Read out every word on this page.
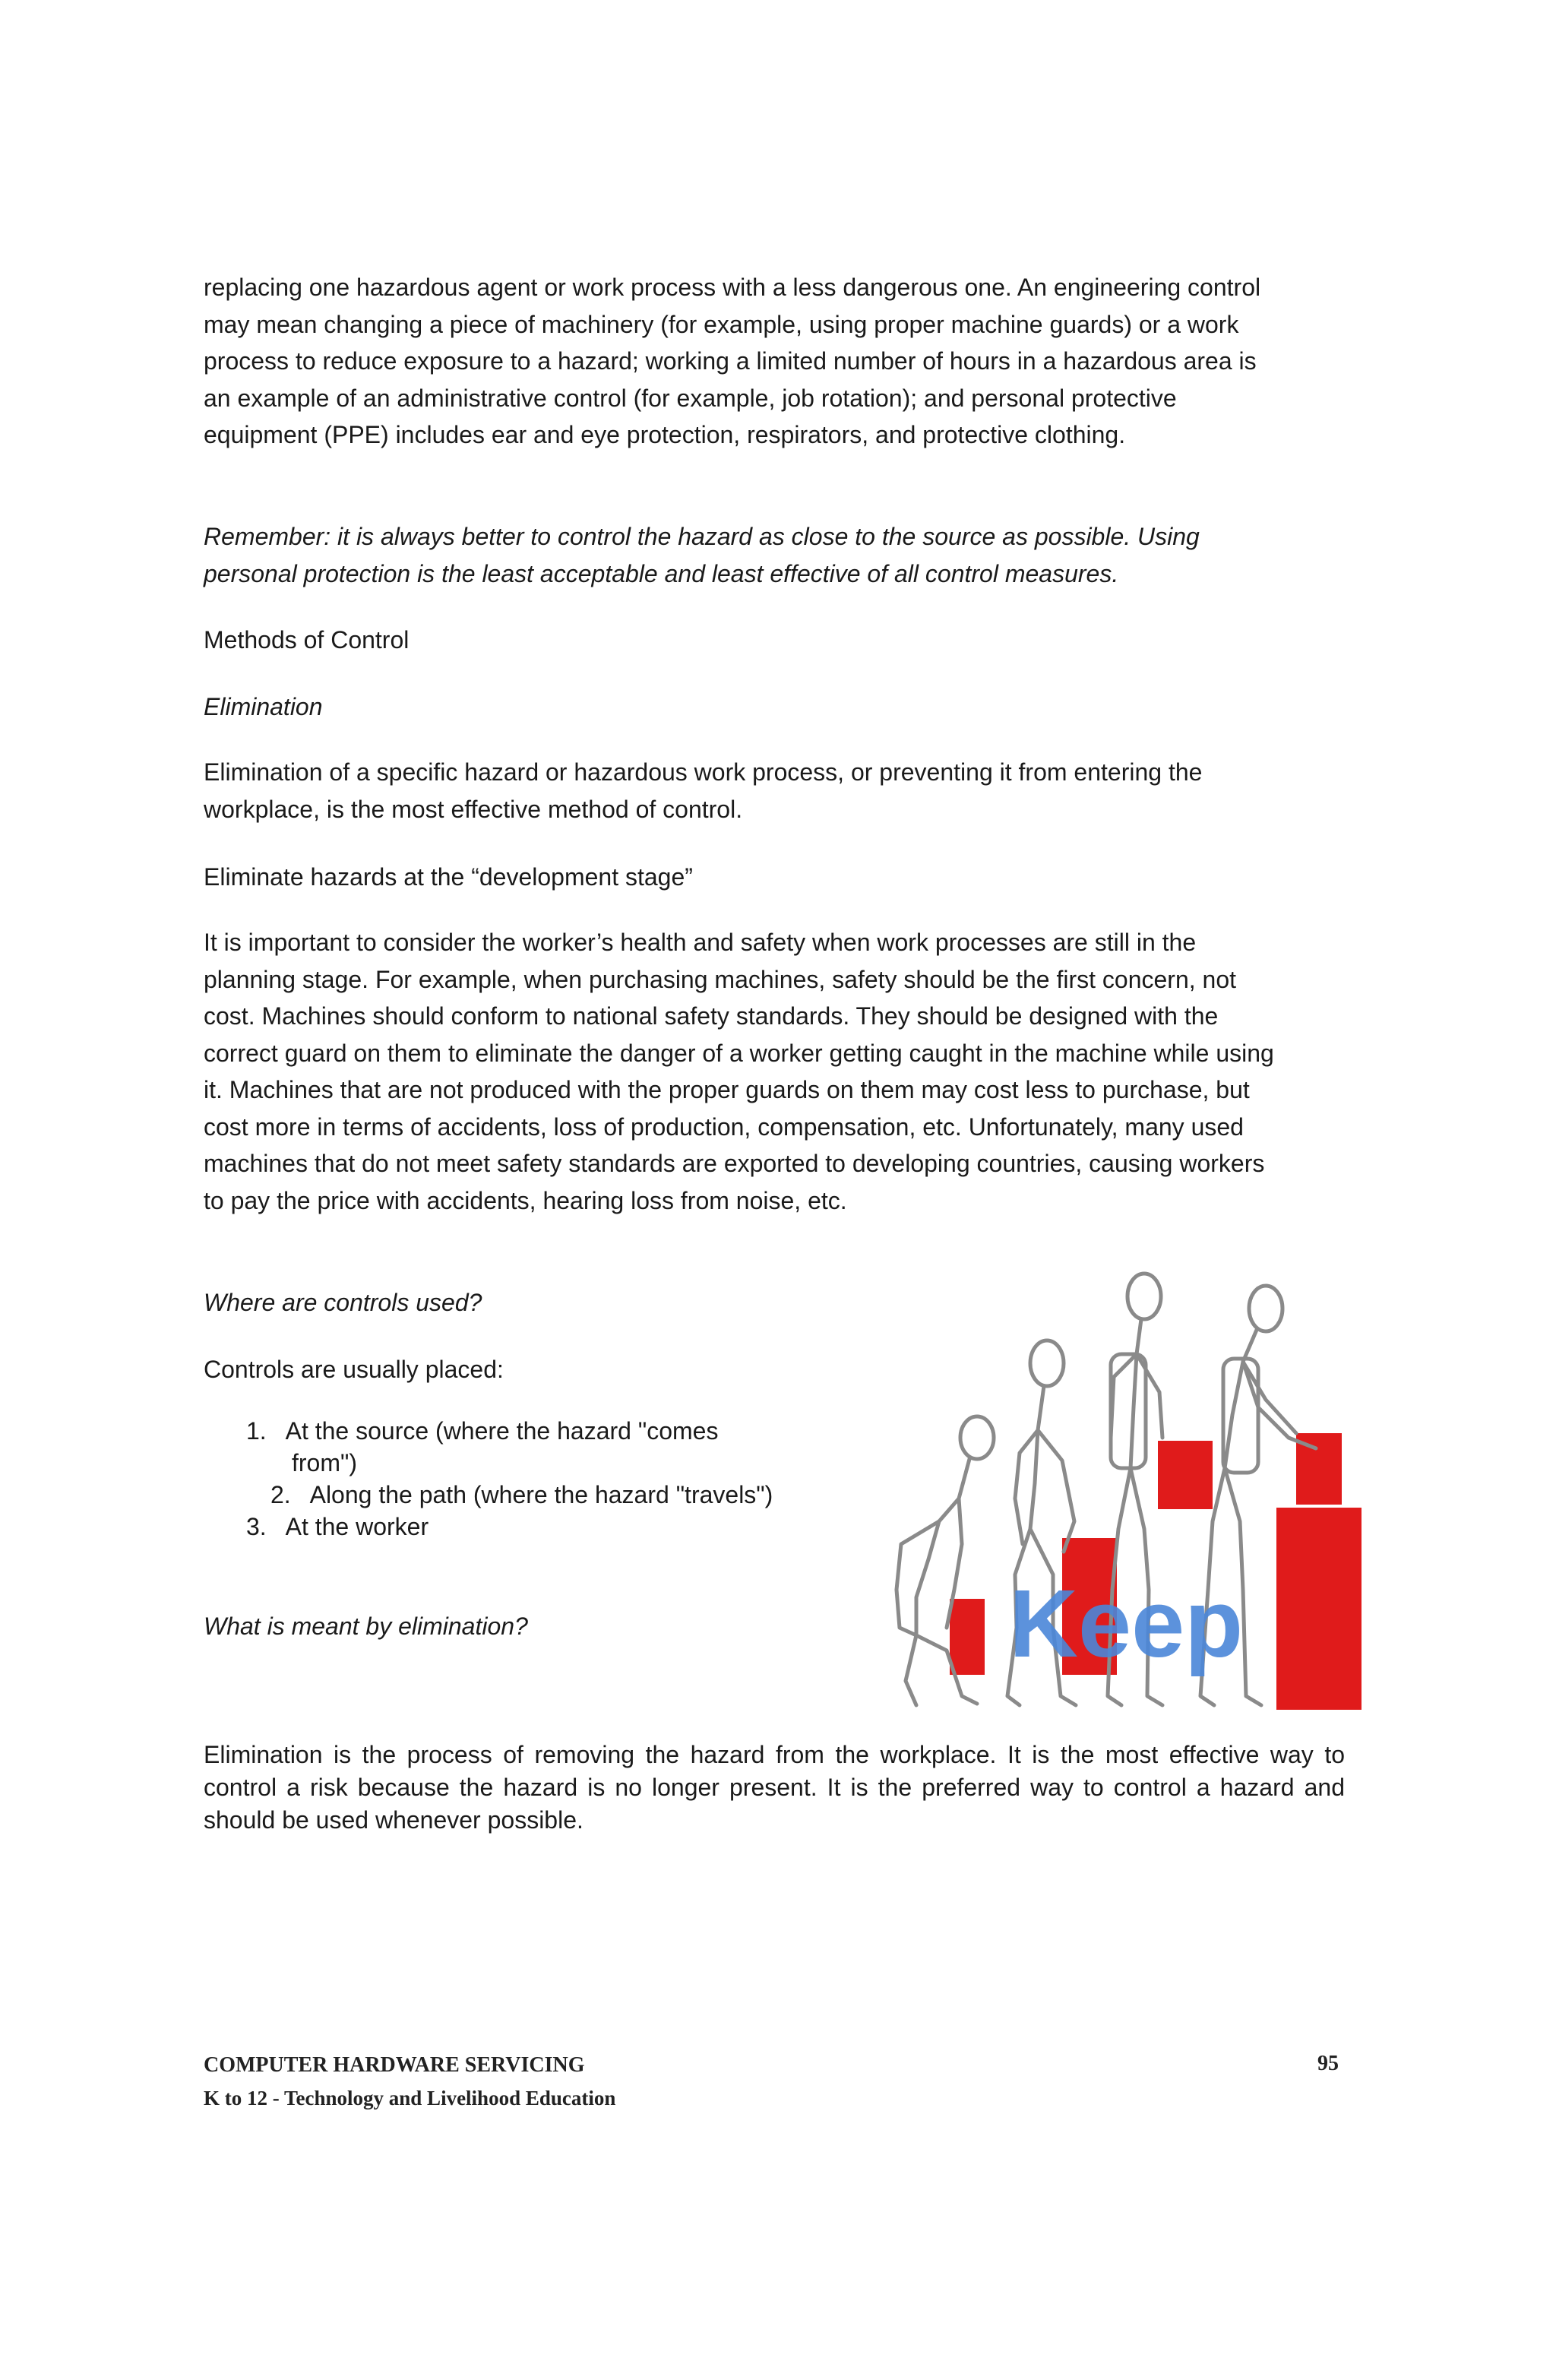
replacing one hazardous agent or work process with a less dangerous one. An engineering control may mean changing a piece of machinery (for example, using proper machine guards) or a work process to reduce exposure to a hazard; working a limited number of hours in a hazardous area is an example of an administrative control (for example, job rotation); and personal protective equipment (PPE) includes ear and eye protection, respirators, and protective clothing.

Remember: it is always better to control the hazard as close to the source as possible. Using personal protection is the least acceptable and least effective of all control measures.

Methods of Control

Elimination

Elimination of a specific hazard or hazardous work process, or preventing it from entering the workplace, is the most effective method of control.

Eliminate hazards at the “development stage”

It is important to consider the worker’s health and safety when work processes are still in the planning stage. For example, when purchasing machines, safety should be the first concern, not cost. Machines should conform to national safety standards. They should be designed with the correct guard on them to eliminate the danger of a worker getting caught in the machine while using it. Machines that are not produced with the proper guards on them may cost less to purchase, but cost more in terms of accidents, loss of production, compensation, etc. Unfortunately, many used machines that do not meet safety standards are exported to developing countries, causing workers to pay the price with accidents, hearing loss from noise, etc.

Where are controls used?

Controls are usually placed:

1. At the source (where the hazard "comes
from")
2. Along the path (where the hazard "travels")
3. At the worker

What is meant by elimination?

Elimination is the process of removing the hazard from the workplace. It is the most effective way to control a risk because the hazard is no longer present. It is the preferred way to control a hazard and should be used whenever possible.

Keep
COMPUTER HARDWARE SERVICING
K to 12 - Technology and Livelihood Education
95
